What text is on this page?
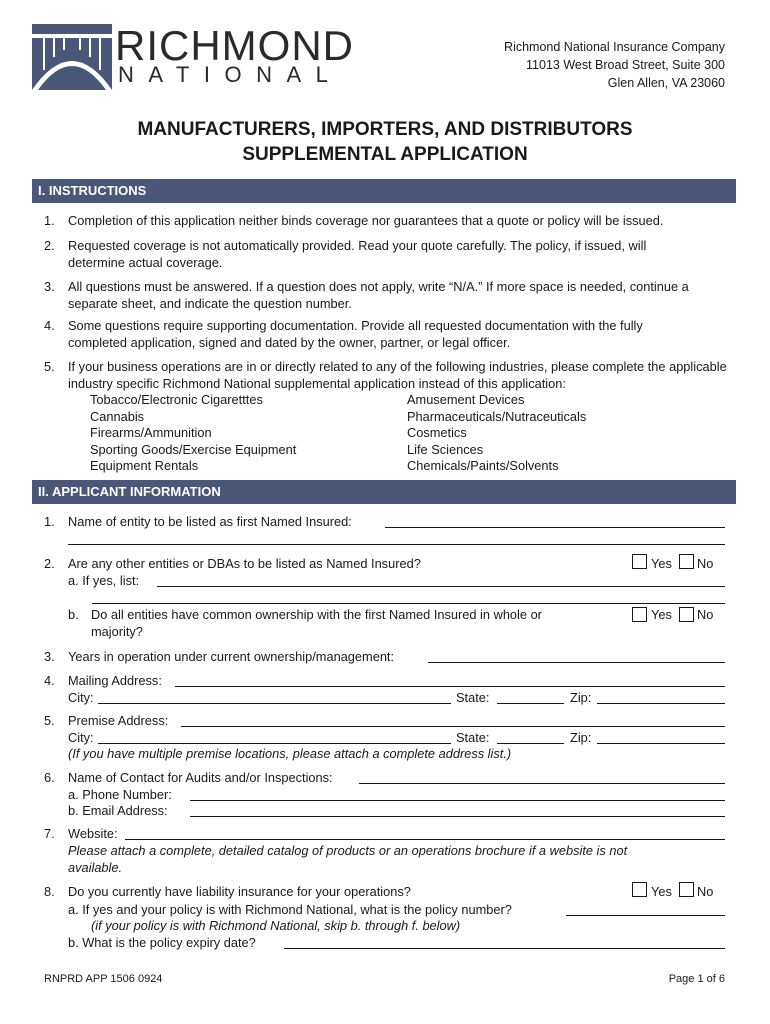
RICHMOND
NATIONAL
Richmond National Insurance Company
11013 West Broad Street, Suite 300
Glen Allen, VA 23060
MANUFACTURERS, IMPORTERS, AND DISTRIBUTORS
SUPPLEMENTAL APPLICATION
I. INSTRUCTIONS
1. Completion of this application neither binds coverage nor guarantees that a quote or policy will be issued.
2. Requested coverage is not automatically provided. Read your quote carefully. The policy, if issued, will determine actual coverage.
3. All questions must be answered. If a question does not apply, write “N/A.” If more space is needed, continue a separate sheet, and indicate the question number.
4. Some questions require supporting documentation. Provide all requested documentation with the fully completed application, signed and dated by the owner, partner, or legal officer.
5. If your business operations are in or directly related to any of the following industries, please complete the applicable industry specific Richmond National supplemental application instead of this application:
Tobacco/Electronic Cigaretttes
Cannabis
Firearms/Ammunition
Sporting Goods/Exercise Equipment
Equipment Rentals
Amusement Devices
Pharmaceuticals/Nutraceuticals
Cosmetics
Life Sciences
Chemicals/Paints/Solvents
II. APPLICANT INFORMATION
1. Name of entity to be listed as first Named Insured:
2. Are any other entities or DBAs to be listed as Named Insured?	Yes No
a. If yes, list:
b. Do all entities have common ownership with the first Named Insured in whole or
majority?
Yes No
3. Years in operation under current ownership/management:
4. Mailing Address:
City:	State:	Zip:
5. Premise Address:
City:	State:	Zip:
(If you have multiple premise locations, please attach a complete address list.)
6. Name of Contact for Audits and/or Inspections:
a. Phone Number:
b. Email Address:
7. Website:
Please attach a complete, detailed catalog of products or an operations brochure if a website is not
available.
8. Do you currently have liability insurance for your operations?	Yes No
a. If yes and your policy is with Richmond National, what is the policy number?
(if your policy is with Richmond National, skip b. through f. below)
b. What is the policy expiry date?
RNPRD APP 1506 0924	Page 1 of 6
